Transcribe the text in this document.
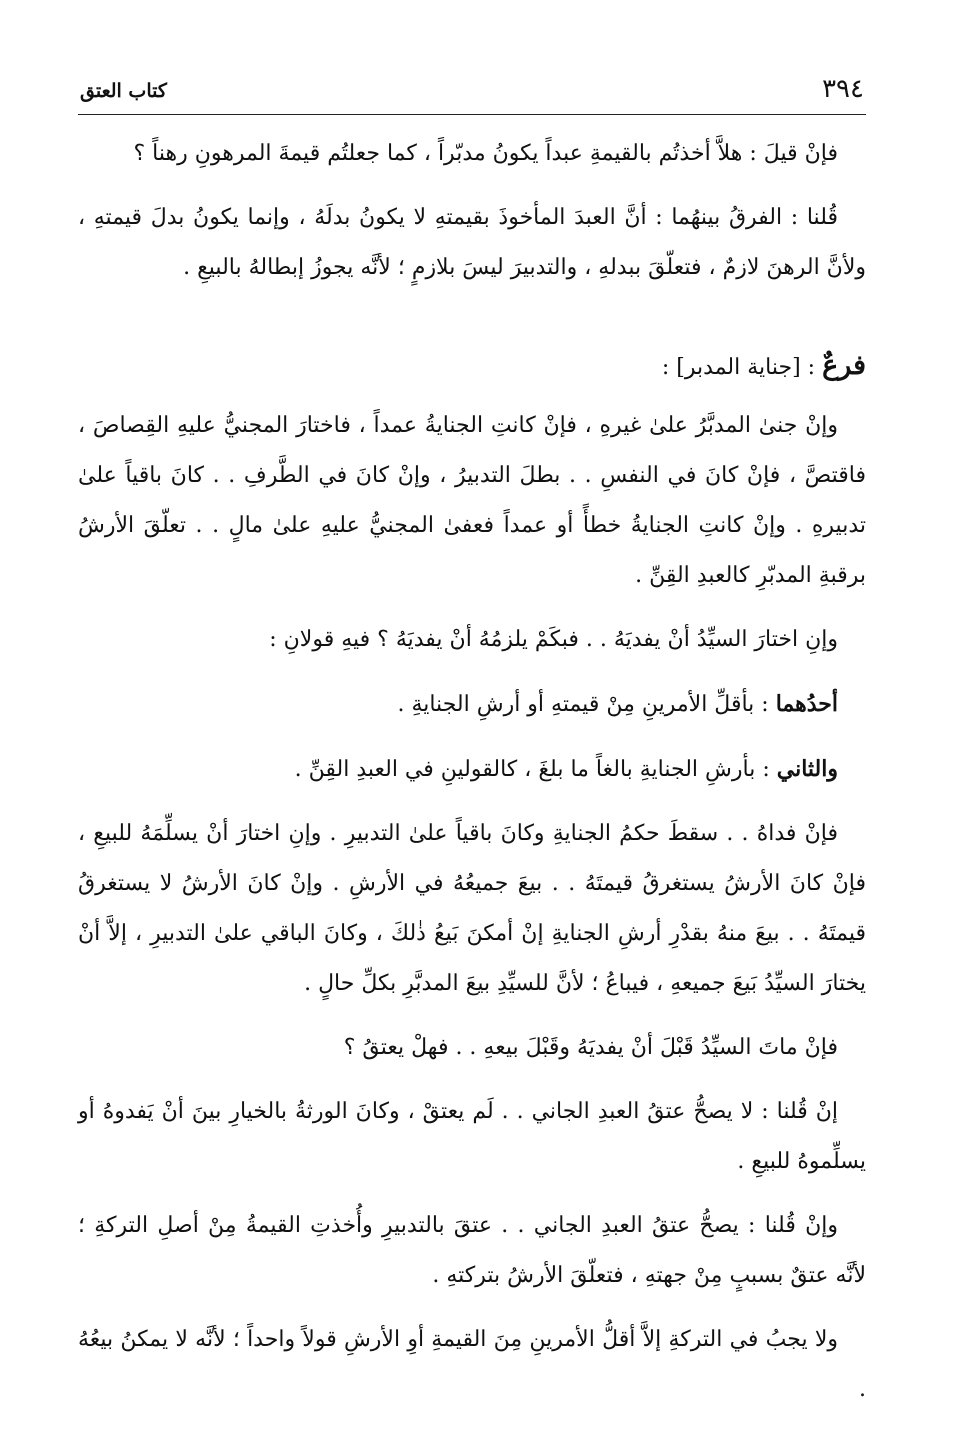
٣٩٤
كتاب العتق

فإنْ قيلَ : هلاَّ أخذتُم بالقيمةِ عبداً يكونُ مدبّراً ، كما جعلتُم قيمةَ المرهونِ رهناً ؟

قُلنا : الفرقُ بينهُما : أنَّ العبدَ المأخوذَ بقيمتهِ لا يكونُ بدلَهُ ، وإنما يكونُ بدلَ قيمتهِ ، ولأنَّ الرهنَ لازمٌ ، فتعلّقَ ببدلهِ ، والتدبيرَ ليسَ بلازمٍ ؛ لأنَّه يجوزُ إبطالهُ بالبيعِ .

فرعٌ : [جناية المدبر] :

وإنْ جنىٰ المدبَّرُ علىٰ غيرهِ ، فإنْ كانتِ الجنايةُ عمداً ، فاختارَ المجنيُّ عليهِ القِصاصَ ، فاقتصَّ ، فإنْ كانَ في النفسِ . . بطلَ التدبيرُ ، وإنْ كانَ في الطَّرفِ . . كانَ باقياً علىٰ تدبيرهِ . وإنْ كانتِ الجنايةُ خطأً أو عمداً فعفىٰ المجنيُّ عليهِ علىٰ مالٍ . . تعلّقَ الأرشُ برقبةِ المدبّرِ كالعبدِ القِنِّ .

وإنِ اختارَ السيِّدُ أنْ يفديَهُ . . فبكَمْ يلزمُهُ أنْ يفديَهُ ؟ فيهِ قولانِ :

أحدُهما : بأقلِّ الأمرينِ مِنْ قيمتهِ أو أرشِ الجنايةِ .

والثاني : بأرشِ الجنايةِ بالغاً ما بلغَ ، كالقولينِ في العبدِ القِنِّ .

فإنْ فداهُ . . سقطَ حكمُ الجنايةِ وكانَ باقياً علىٰ التدبيرِ . وإنِ اختارَ أنْ يسلِّمَهُ للبيعِ ، فإنْ كانَ الأرشُ يستغرقُ قيمتَهُ . . بيعَ جميعُهُ في الأرشِ . وإنْ كانَ الأرشُ لا يستغرقُ قيمتَهُ . . بيعَ منهُ بقدْرِ أرشِ الجنايةِ إنْ أمكنَ بَيعُ ذٰلكَ ، وكانَ الباقي علىٰ التدبيرِ ، إلاَّ أنْ يختارَ السيِّدُ بَيعَ جميعهِ ، فيباعُ ؛ لأنَّ للسيِّدِ بيعَ المدبَّرِ بكلِّ حالٍ .

فإنْ ماتَ السيِّدُ قَبْلَ أنْ يفديَهُ وقَبْلَ بيعهِ . . فهلْ يعتقُ ؟

إنْ قُلنا : لا يصحُّ عتقُ العبدِ الجاني . . لَم يعتقْ ، وكانَ الورثةُ بالخيارِ بينَ أنْ يَفدوهُ أو يسلِّموهُ للبيعِ .

وإنْ قُلنا : يصحُّ عتقُ العبدِ الجاني . . عتقَ بالتدبيرِ وأُخذتِ القيمةُ مِنْ أصلِ التركةِ ؛ لأنَّه عتقٌ بسببٍ مِنْ جهتهِ ، فتعلّقَ الأرشُ بتركتهِ .

ولا يجبُ في التركةِ إلاَّ أقلُّ الأمرينِ مِنَ القيمةِ أوِ الأرشِ قولاً واحداً ؛ لأنَّه لا يمكنُ بيعُهُ .
